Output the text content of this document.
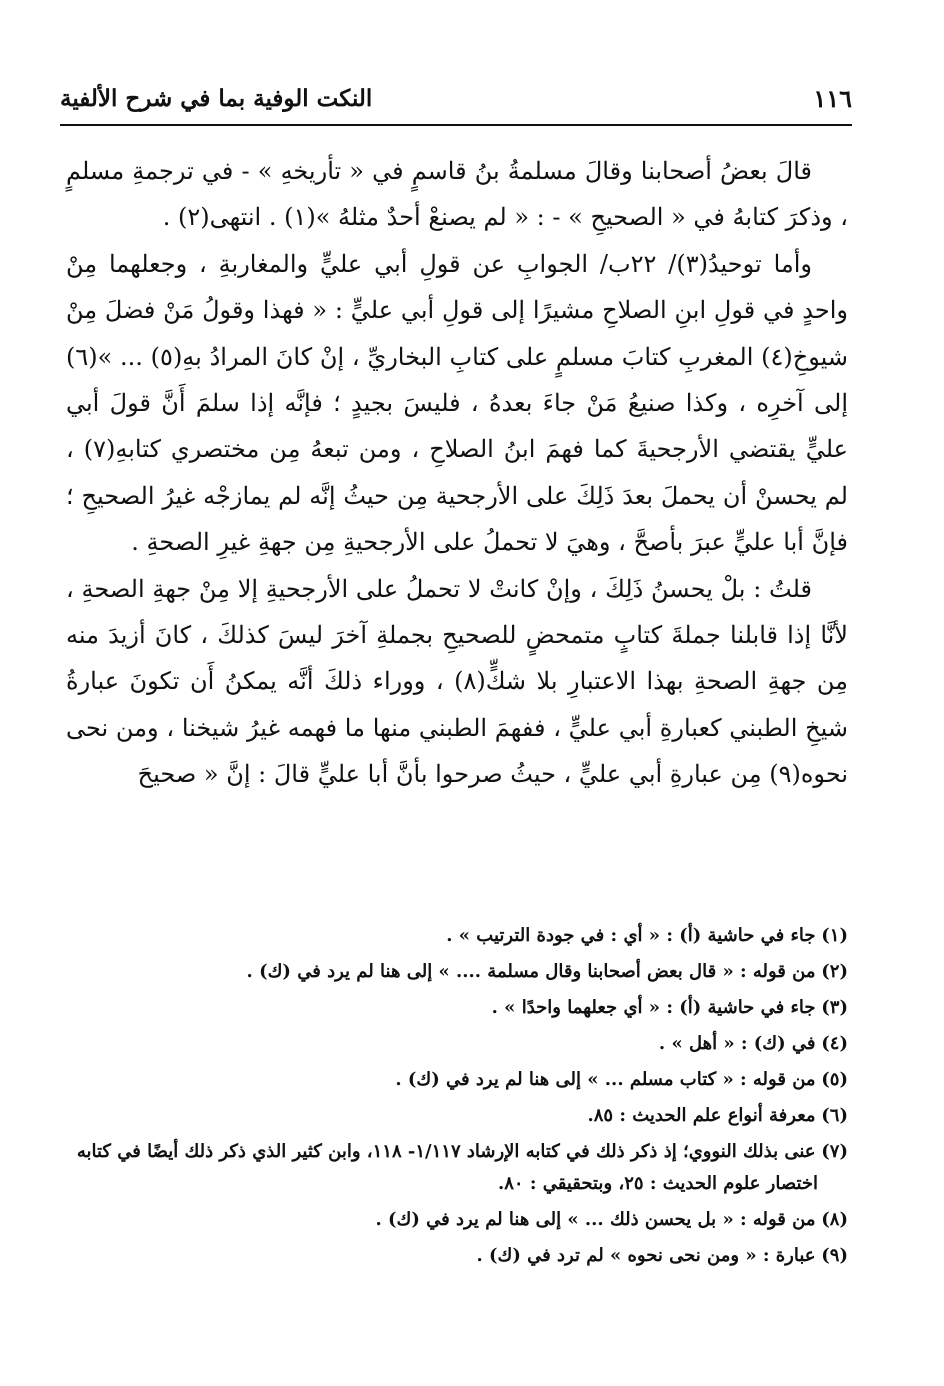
١١٦
النكت الوفية بما في شرح الألفية

قالَ بعضُ أصحابنا وقالَ مسلمةُ بنُ قاسمٍ في « تأريخهِ » - في ترجمةِ مسلمٍ ، وذكرَ كتابهُ في « الصحيحِ » - : « لم يصنعْ أحدٌ مثلهُ »(١) . انتهى(٢) .

وأما توحيدُ(٣)/ ٢٢ب/ الجوابِ عن قولِ أبي عليٍّ والمغاربةِ ، وجعلهما مِنْ واحدٍ في قولِ ابنِ الصلاحِ مشيرًا إلى قولِ أبي عليٍّ : « فهذا وقولُ مَنْ فضلَ مِنْ شيوخِ(٤) المغربِ كتابَ مسلمٍ على كتابِ البخاريِّ ، إنْ كانَ المرادُ بهِ(٥) ... »(٦) إلى آخرِه ، وكذا صنيعُ مَنْ جاءَ بعدهُ ، فليسَ بجيدٍ ؛ فإنَّه إذا سلمَ أَنَّ قولَ أبي عليٍّ يقتضي الأرجحيةَ كما فهمَ ابنُ الصلاحِ ، ومن تبعهُ مِن مختصري كتابهِ(٧) ، لم يحسنْ أن يحملَ بعدَ ذَلِكَ على الأرجحية مِن حيثُ إنَّه لم يمازجْه غيرُ الصحيحِ ؛ فإنَّ أبا عليٍّ عبرَ بأصحَّ ، وهيَ لا تحملُ على الأرجحيةِ مِن جهةِ غيرِ الصحةِ .

قلتُ : بلْ يحسنُ ذَلِكَ ، وإنْ كانتْ لا تحملُ على الأرجحيةِ إلا مِنْ جهةِ الصحةِ ، لأنَّا إذا قابلنا جملةَ كتابٍ متمحضٍ للصحيحِ بجملةِ آخرَ ليسَ كذلكَ ، كانَ أزيدَ منه مِن جهةِ الصحةِ بهذا الاعتبارِ بلا شكٍّ(٨) ، ووراء ذلكَ أنَّه يمكنُ أَن تكونَ عبارةُ شيخِ الطبني كعبارةِ أبي عليٍّ ، ففهمَ الطبني منها ما فهمه غيرُ شيخنا ، ومن نحى نحوه(٩) مِن عبارةِ أبي عليٍّ ، حيثُ صرحوا بأنَّ أبا عليٍّ قالَ : إنَّ « صحيحَ

(١) جاء في حاشية (أ) : « أي : في جودة الترتيب » .

(٢) من قوله : « قال بعض أصحابنا وقال مسلمة .... » إلى هنا لم يرد في (ك) .

(٣) جاء في حاشية (أ) : « أي جعلهما واحدًا » .

(٤) في (ك) : « أهل » .

(٥) من قوله : « كتاب مسلم ... » إلى هنا لم يرد في (ك) .

(٦) معرفة أنواع علم الحديث : ٨٥.

(٧) عنى بذلك النووي؛ إذ ذكر ذلك في كتابه الإرشاد ١/١١٧- ١١٨، وابن كثير الذي ذكر ذلك أيضًا في كتابه اختصار علوم الحديث : ٢٥، وبتحقيقي : ٨٠.

(٨) من قوله : « بل يحسن ذلك ... » إلى هنا لم يرد في (ك) .

(٩) عبارة : « ومن نحى نحوه » لم ترد في (ك) .
